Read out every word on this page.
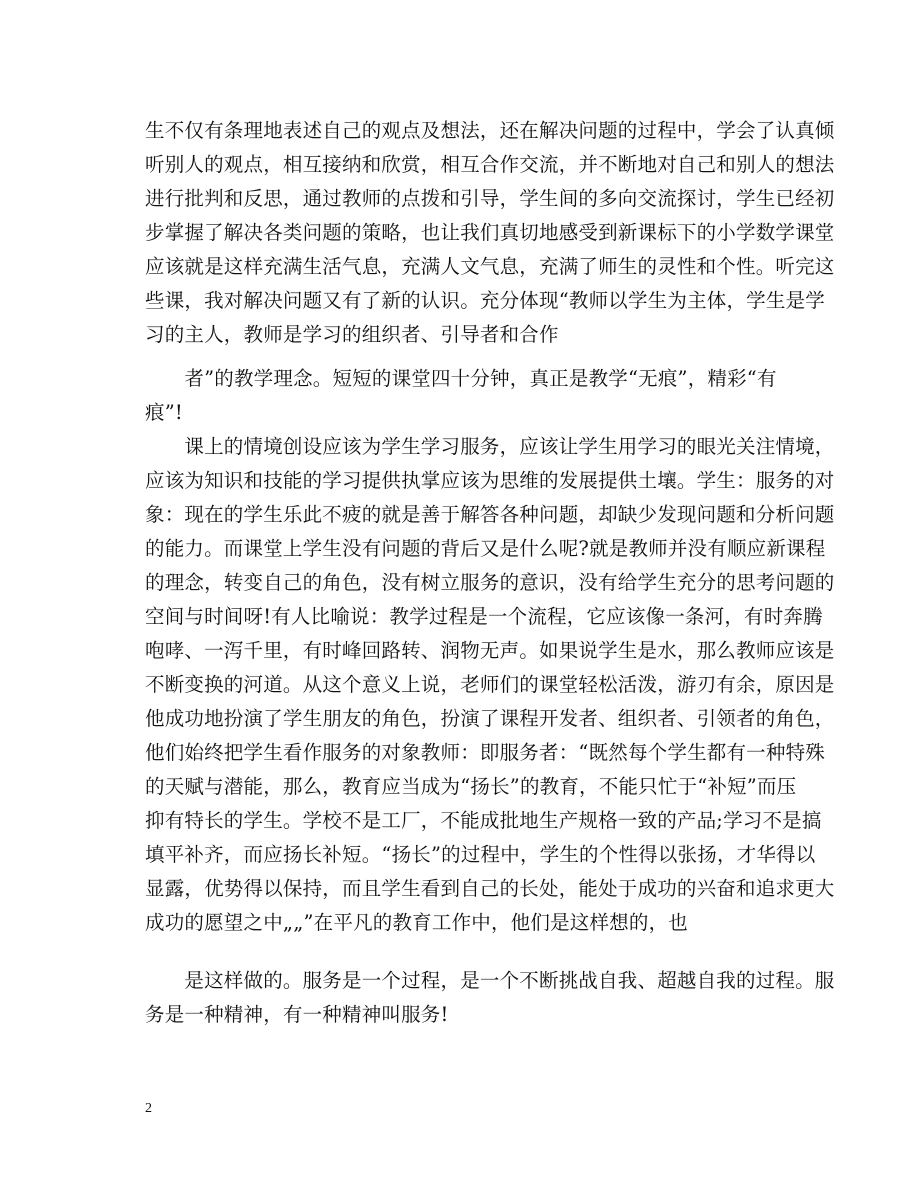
生不仅有条理地表述自己的观点及想法，还在解决问题的过程中，学会了认真倾
听别人的观点，相互接纳和欣赏，相互合作交流，并不断地对自己和别人的想法
进行批判和反思，通过教师的点拨和引导，学生间的多向交流探讨，学生已经初
步掌握了解决各类问题的策略，也让我们真切地感受到新课标下的小学数学课堂
应该就是这样充满生活气息，充满人文气息，充满了师生的灵性和个性。听完这
些课，我对解决问题又有了新的认识。充分体现“教师以学生为主体，学生是学
习的主人，教师是学习的组织者、引导者和合作
　　者”的教学理念。短短的课堂四十分钟，真正是教学“无痕”，精彩“有
痕”!
　　课上的情境创设应该为学生学习服务，应该让学生用学习的眼光关注情境，
应该为知识和技能的学习提供执掌应该为思维的发展提供土壤。学生：服务的对
象：现在的学生乐此不疲的就是善于解答各种问题，却缺少发现问题和分析问题
的能力。而课堂上学生没有问题的背后又是什么呢?就是教师并没有顺应新课程
的理念，转变自己的角色，没有树立服务的意识，没有给学生充分的思考问题的
空间与时间呀!有人比喻说：教学过程是一个流程，它应该像一条河，有时奔腾
咆哮、一泻千里，有时峰回路转、润物无声。如果说学生是水，那么教师应该是
不断变换的河道。从这个意义上说，老师们的课堂轻松活泼，游刃有余，原因是
他成功地扮演了学生朋友的角色，扮演了课程开发者、组织者、引领者的角色，
他们始终把学生看作服务的对象教师：即服务者：“既然每个学生都有一种特殊
的天赋与潜能，那么，教育应当成为“扬长”的教育，不能只忙于“补短”而压
抑有特长的学生。学校不是工厂，不能成批地生产规格一致的产品;学习不是搞
填平补齐，而应扬长补短。“扬长”的过程中，学生的个性得以张扬，才华得以
显露，优势得以保持，而且学生看到自己的长处，能处于成功的兴奋和追求更大
成功的愿望之中„„”在平凡的教育工作中，他们是这样想的，也
　　是这样做的。服务是一个过程，是一个不断挑战自我、超越自我的过程。服
务是一种精神，有一种精神叫服务!
2
